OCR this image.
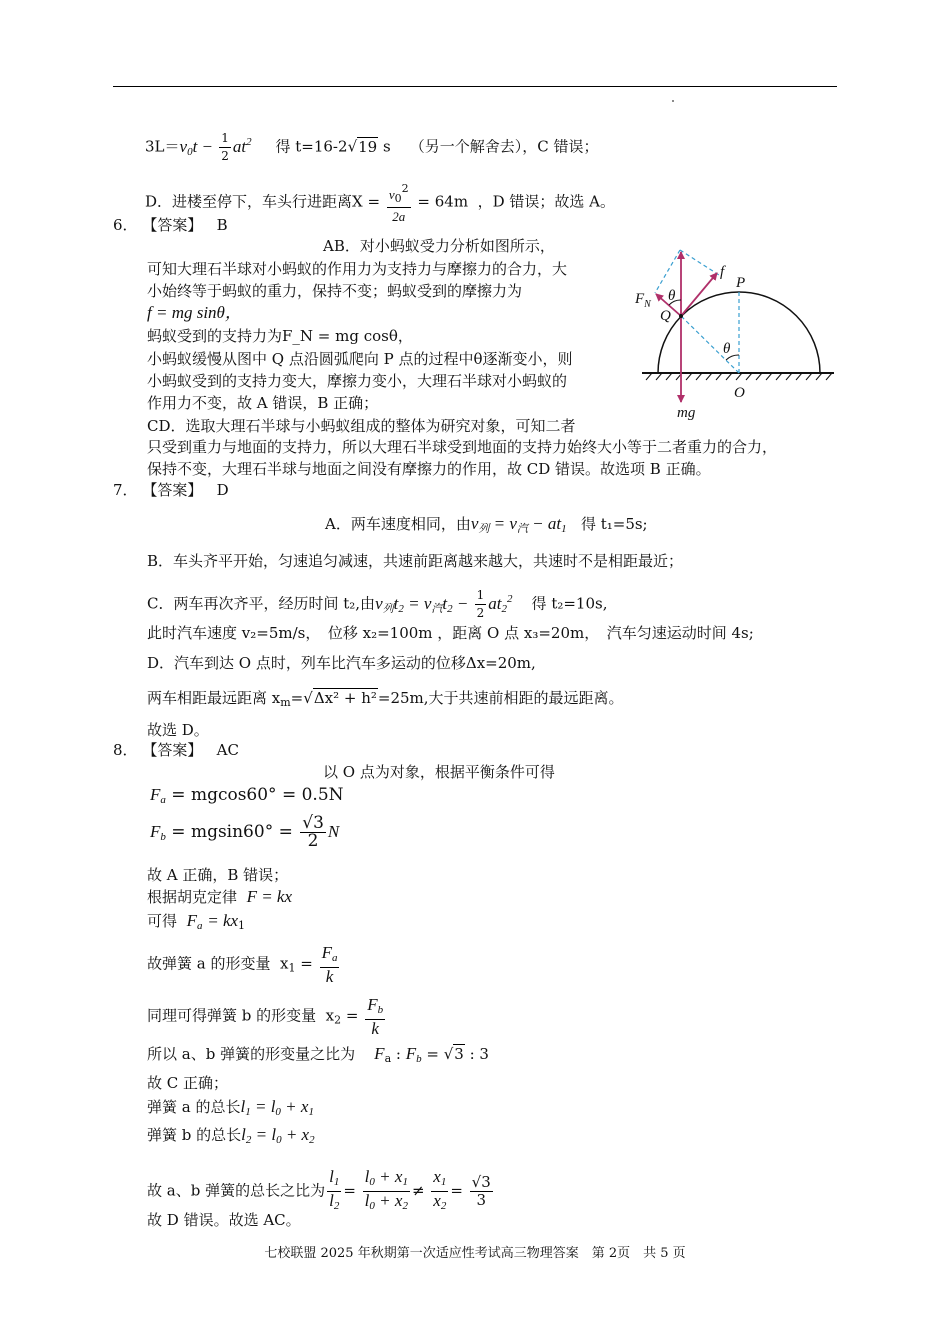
$3L=v_0t - \frac{1}{2} at^2$ 得 t=16-2√19 s （另一个解舍去），C 错误；
D．进楼至停下，车头行进距离$X = \frac{v02}{2a} = 64m$ ，D 错误；故选 A。
6． 【答案】 B
AB．对小蚂蚁受力分析如图所示，
可知大理石半球对小蚂蚁的作用力为支持力与摩擦力的合力，大
小始终等于蚂蚁的重力，保持不变；蚂蚁受到的摩擦力为
f = mg sinθ，
蚂蚁受到的支持力为F_N = mg cosθ，
小蚂蚁缓慢从图中 Q 点沿圆弧爬向 P 点的过程中θ逐渐变小，则
小蚂蚁受到的支持力变大，摩擦力变小，大理石半球对小蚂蚁的
作用力不变，故 A 错误，B 正确；
CD．选取大理石半球与小蚂蚁组成的整体为研究对象，可知二者
只受到重力与地面的支持力，所以大理石半球受到地面的支持力始终大小等于二者重力的合力，
保持不变，大理石半球与地面之间没有摩擦力的作用，故 CD 错误。故选项 B 正确。
f
P
$F_N$
θ
Q
θ
O
mg
7． 【答案】 D
A．两车速度相同，由$v_列 = v_汽 - at_1$ 得 t₁=5s;
B．车头齐平开始，匀速追匀减速，共速前距离越来越大，共速时不是相距最近；
C．两车再次齐平，经历时间 t₂,由$v_列t_2 = v_汽t_2 - \frac{1}{2} at_2^2$ 得 t₂=10s,
此时汽车速度 v₂=5m/s，　位移 x₂=100m ，距离 O 点 x₃=20m，　汽车匀速运动时间 4s;
D．汽车到达 O 点时，列车比汽车多运动的位移Δx=20m,
两车相距最远距离 $x_m=√\Delta x^2 + h^2=25m$,大于共速前相距的最远距离。
故选 D。
8． 【答案】 AC
以 O 点为对象，根据平衡条件可得
$F_a = mgcos60^\circ = 0.5N$
$F_b = mgsin60^\circ = \frac{√3}{2}$ N
故 A 正确，B 错误；
根据胡克定律 F = kx
可得 $F_a = kx_1$
故弹簧 a 的形变量  $x_1 = \frac{F_a}{k}$
同理可得弹簧 b 的形变量  $x_2 = \frac{F_b}{k}$
所以 a、b 弹簧的形变量之比为 $F_a$ : $F_b = √3$ : 3
故 C 正确；
弹簧 a 的总长$l_1 = l_0 + x_1$
弹簧 b 的总长$l_2 = l_0 + x_2$
故 a、b 弹簧的总长之比为 $\frac{l_1}{l_2} = \frac{l_0 + x_1}{l_0 + x_2} \ne \frac{x_1}{x_2} = \frac{√3}{3}$
故 D 错误。故选 AC。
七校联盟 2025 年秋期第一次适应性考试高三物理答案　第 2页　共 5 页
